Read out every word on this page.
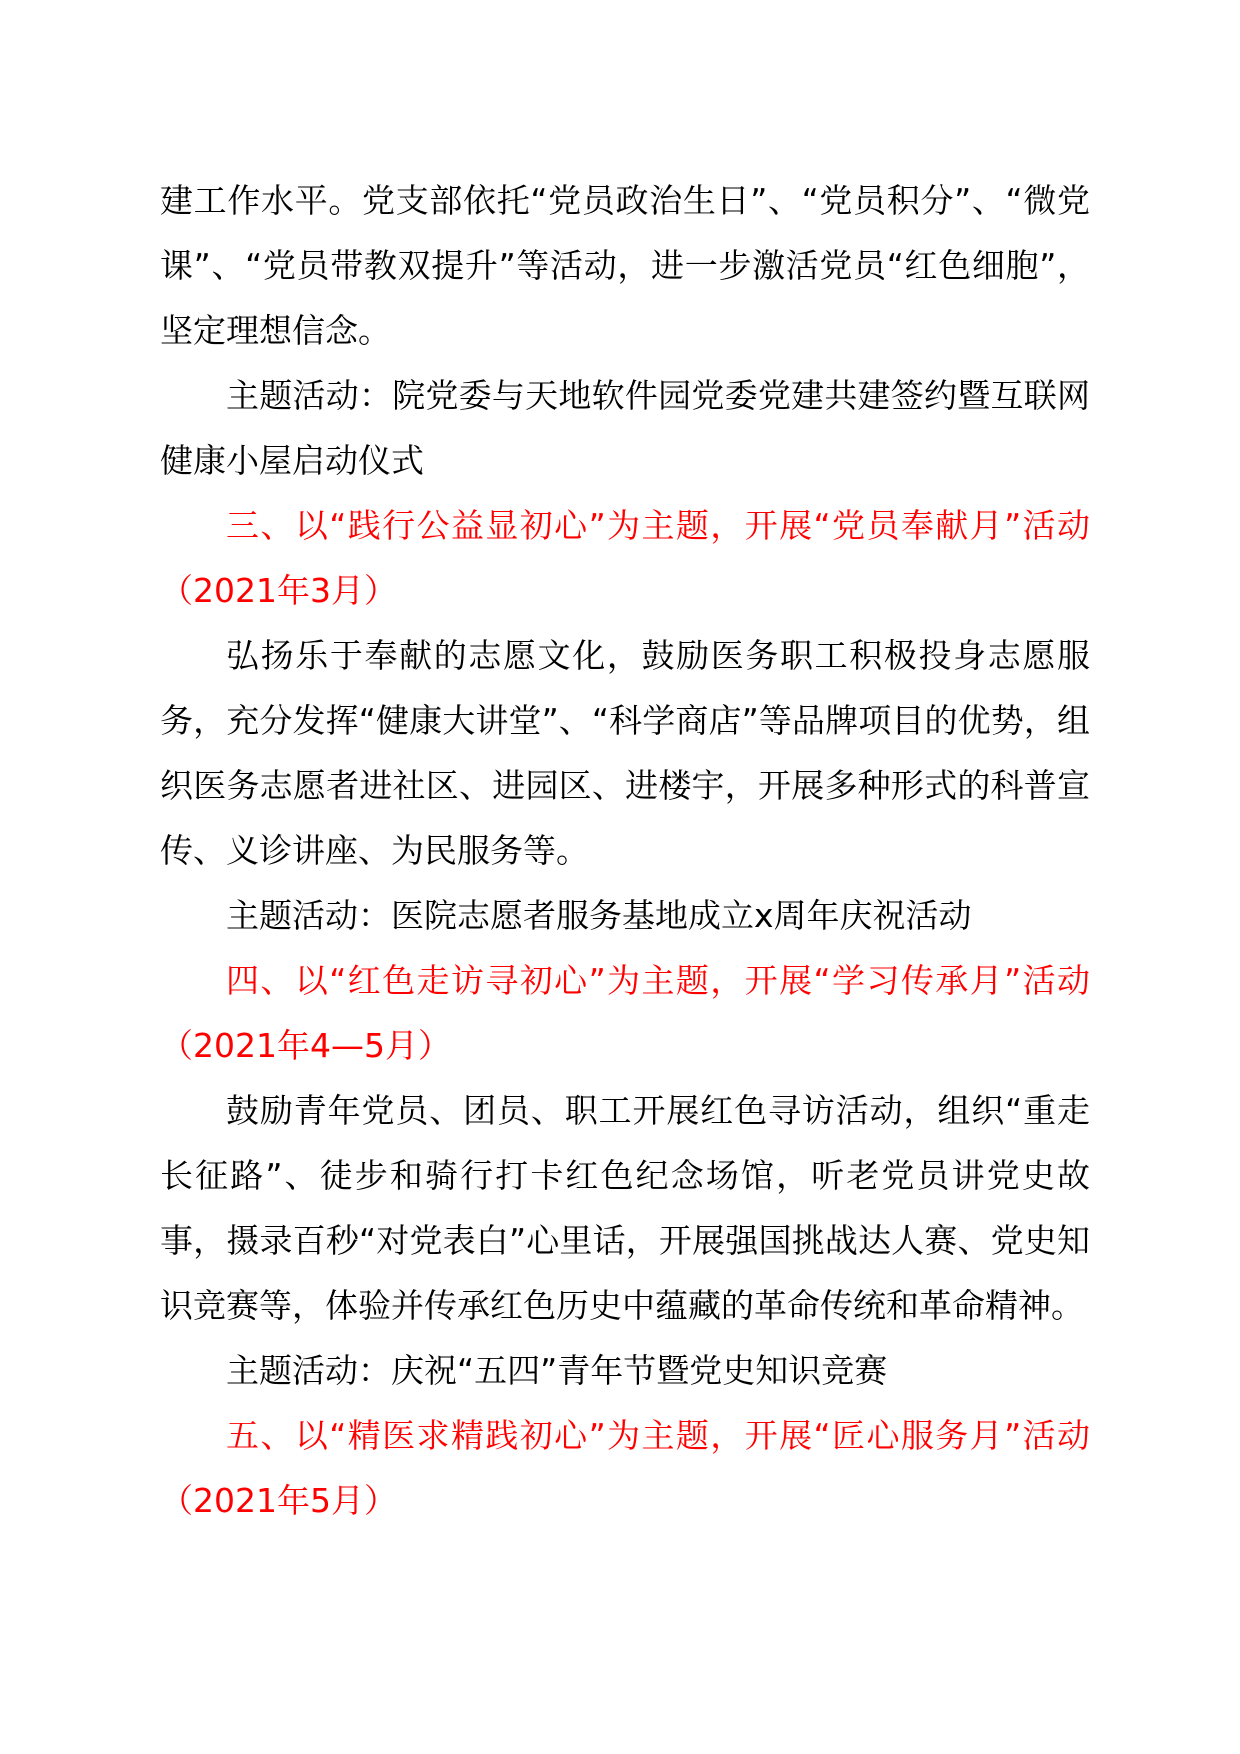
建工作水平。党支部依托“党员政治生日”、“党员积分”、“微党课”、“党员带教双提升”等活动，进一步激活党员“红色细胞”，坚定理想信念。

主题活动：院党委与天地软件园党委党建共建签约暨互联网健康小屋启动仪式

三、以“践行公益显初心”为主题，开展“党员奉献月”活动（2021年3月）

弘扬乐于奉献的志愿文化，鼓励医务职工积极投身志愿服务，充分发挥“健康大讲堂”、“科学商店”等品牌项目的优势，组织医务志愿者进社区、进园区、进楼宇，开展多种形式的科普宣传、义诊讲座、为民服务等。

主题活动：医院志愿者服务基地成立x周年庆祝活动

四、以“红色走访寻初心”为主题，开展“学习传承月”活动（2021年4—5月）

鼓励青年党员、团员、职工开展红色寻访活动，组织“重走长征路”、徒步和骑行打卡红色纪念场馆，听老党员讲党史故事，摄录百秒“对党表白”心里话，开展强国挑战达人赛、党史知识竞赛等，体验并传承红色历史中蕴藏的革命传统和革命精神。

主题活动：庆祝“五四”青年节暨党史知识竞赛

五、以“精医求精践初心”为主题，开展“匠心服务月”活动（2021年5月）
